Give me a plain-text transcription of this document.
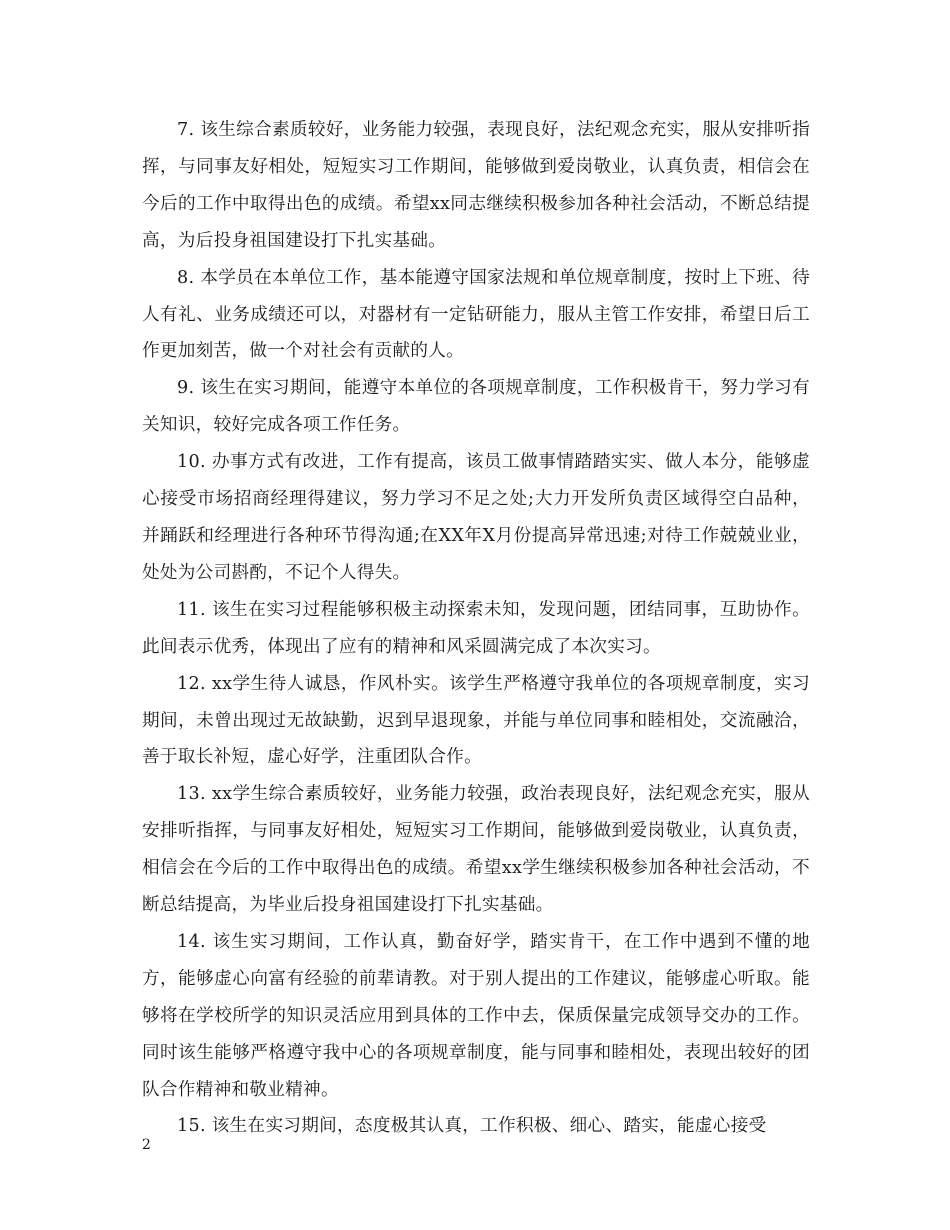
7. 该生综合素质较好，业务能力较强，表现良好，法纪观念充实，服从安排听指挥，与同事友好相处，短短实习工作期间，能够做到爱岗敬业，认真负责，相信会在今后的工作中取得出色的成绩。希望xx同志继续积极参加各种社会活动，不断总结提高，为后投身祖国建设打下扎实基础。

8. 本学员在本单位工作，基本能遵守国家法规和单位规章制度，按时上下班、待人有礼、业务成绩还可以，对器材有一定钻研能力，服从主管工作安排，希望日后工作更加刻苦，做一个对社会有贡献的人。

9. 该生在实习期间，能遵守本单位的各项规章制度，工作积极肯干，努力学习有关知识，较好完成各项工作任务。

10. 办事方式有改进，工作有提高，该员工做事情踏踏实实、做人本分，能够虚心接受市场招商经理得建议，努力学习不足之处;大力开发所负责区域得空白品种，并踊跃和经理进行各种环节得沟通;在XX年X月份提高异常迅速;对待工作兢兢业业，处处为公司斟酌，不记个人得失。

11. 该生在实习过程能够积极主动探索未知，发现问题，团结同事，互助协作。此间表示优秀，体现出了应有的精神和风采圆满完成了本次实习。

12. xx学生待人诚恳，作风朴实。该学生严格遵守我单位的各项规章制度，实习期间，未曾出现过无故缺勤，迟到早退现象，并能与单位同事和睦相处，交流融洽，善于取长补短，虚心好学，注重团队合作。

13. xx学生综合素质较好，业务能力较强，政治表现良好，法纪观念充实，服从安排听指挥，与同事友好相处，短短实习工作期间，能够做到爱岗敬业，认真负责，相信会在今后的工作中取得出色的成绩。希望xx学生继续积极参加各种社会活动，不断总结提高，为毕业后投身祖国建设打下扎实基础。

14. 该生实习期间，工作认真，勤奋好学，踏实肯干，在工作中遇到不懂的地方，能够虚心向富有经验的前辈请教。对于别人提出的工作建议，能够虚心听取。能够将在学校所学的知识灵活应用到具体的工作中去，保质保量完成领导交办的工作。同时该生能够严格遵守我中心的各项规章制度，能与同事和睦相处，表现出较好的团队合作精神和敬业精神。

15. 该生在实习期间，态度极其认真，工作积极、细心、踏实，能虚心接受

2
